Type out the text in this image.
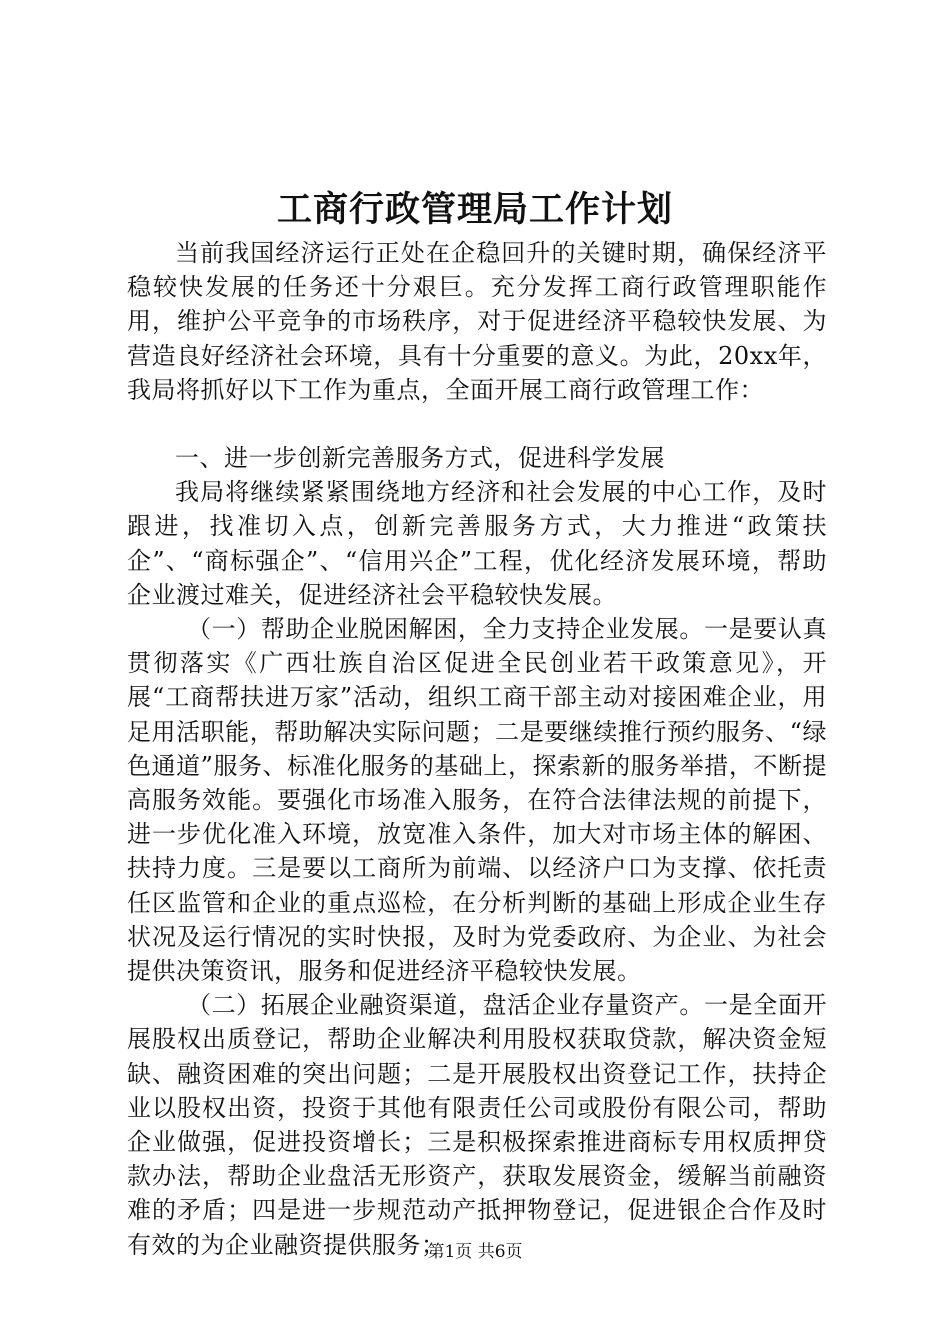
工商行政管理局工作计划

当前我国经济运行正处在企稳回升的关键时期，确保经济平稳较快发展的任务还十分艰巨。充分发挥工商行政管理职能作用，维护公平竞争的市场秩序，对于促进经济平稳较快发展、为营造良好经济社会环境，具有十分重要的意义。为此，20xx年，我局将抓好以下工作为重点，全面开展工商行政管理工作：

一、进一步创新完善服务方式，促进科学发展

我局将继续紧紧围绕地方经济和社会发展的中心工作，及时跟进，找准切入点，创新完善服务方式，大力推进“政策扶企”、“商标强企”、“信用兴企”工程，优化经济发展环境，帮助企业渡过难关，促进经济社会平稳较快发展。

（一）帮助企业脱困解困，全力支持企业发展。一是要认真贯彻落实《广西壮族自治区促进全民创业若干政策意见》，开展“工商帮扶进万家”活动，组织工商干部主动对接困难企业，用足用活职能，帮助解决实际问题；二是要继续推行预约服务、“绿色通道”服务、标准化服务的基础上，探索新的服务举措，不断提高服务效能。要强化市场准入服务，在符合法律法规的前提下，进一步优化准入环境，放宽准入条件，加大对市场主体的解困、扶持力度。三是要以工商所为前端、以经济户口为支撑、依托责任区监管和企业的重点巡检，在分析判断的基础上形成企业生存状况及运行情况的实时快报，及时为党委政府、为企业、为社会提供决策资讯，服务和促进经济平稳较快发展。

（二）拓展企业融资渠道，盘活企业存量资产。一是全面开展股权出质登记，帮助企业解决利用股权获取贷款，解决资金短缺、融资困难的突出问题；二是开展股权出资登记工作，扶持企业以股权出资，投资于其他有限责任公司或股份有限公司，帮助企业做强，促进投资增长；三是积极探索推进商标专用权质押贷款办法，帮助企业盘活无形资产，获取发展资金，缓解当前融资难的矛盾；四是进一步规范动产抵押物登记，促进银企合作及时有效的为企业融资提供服务；

第1页 共6页
